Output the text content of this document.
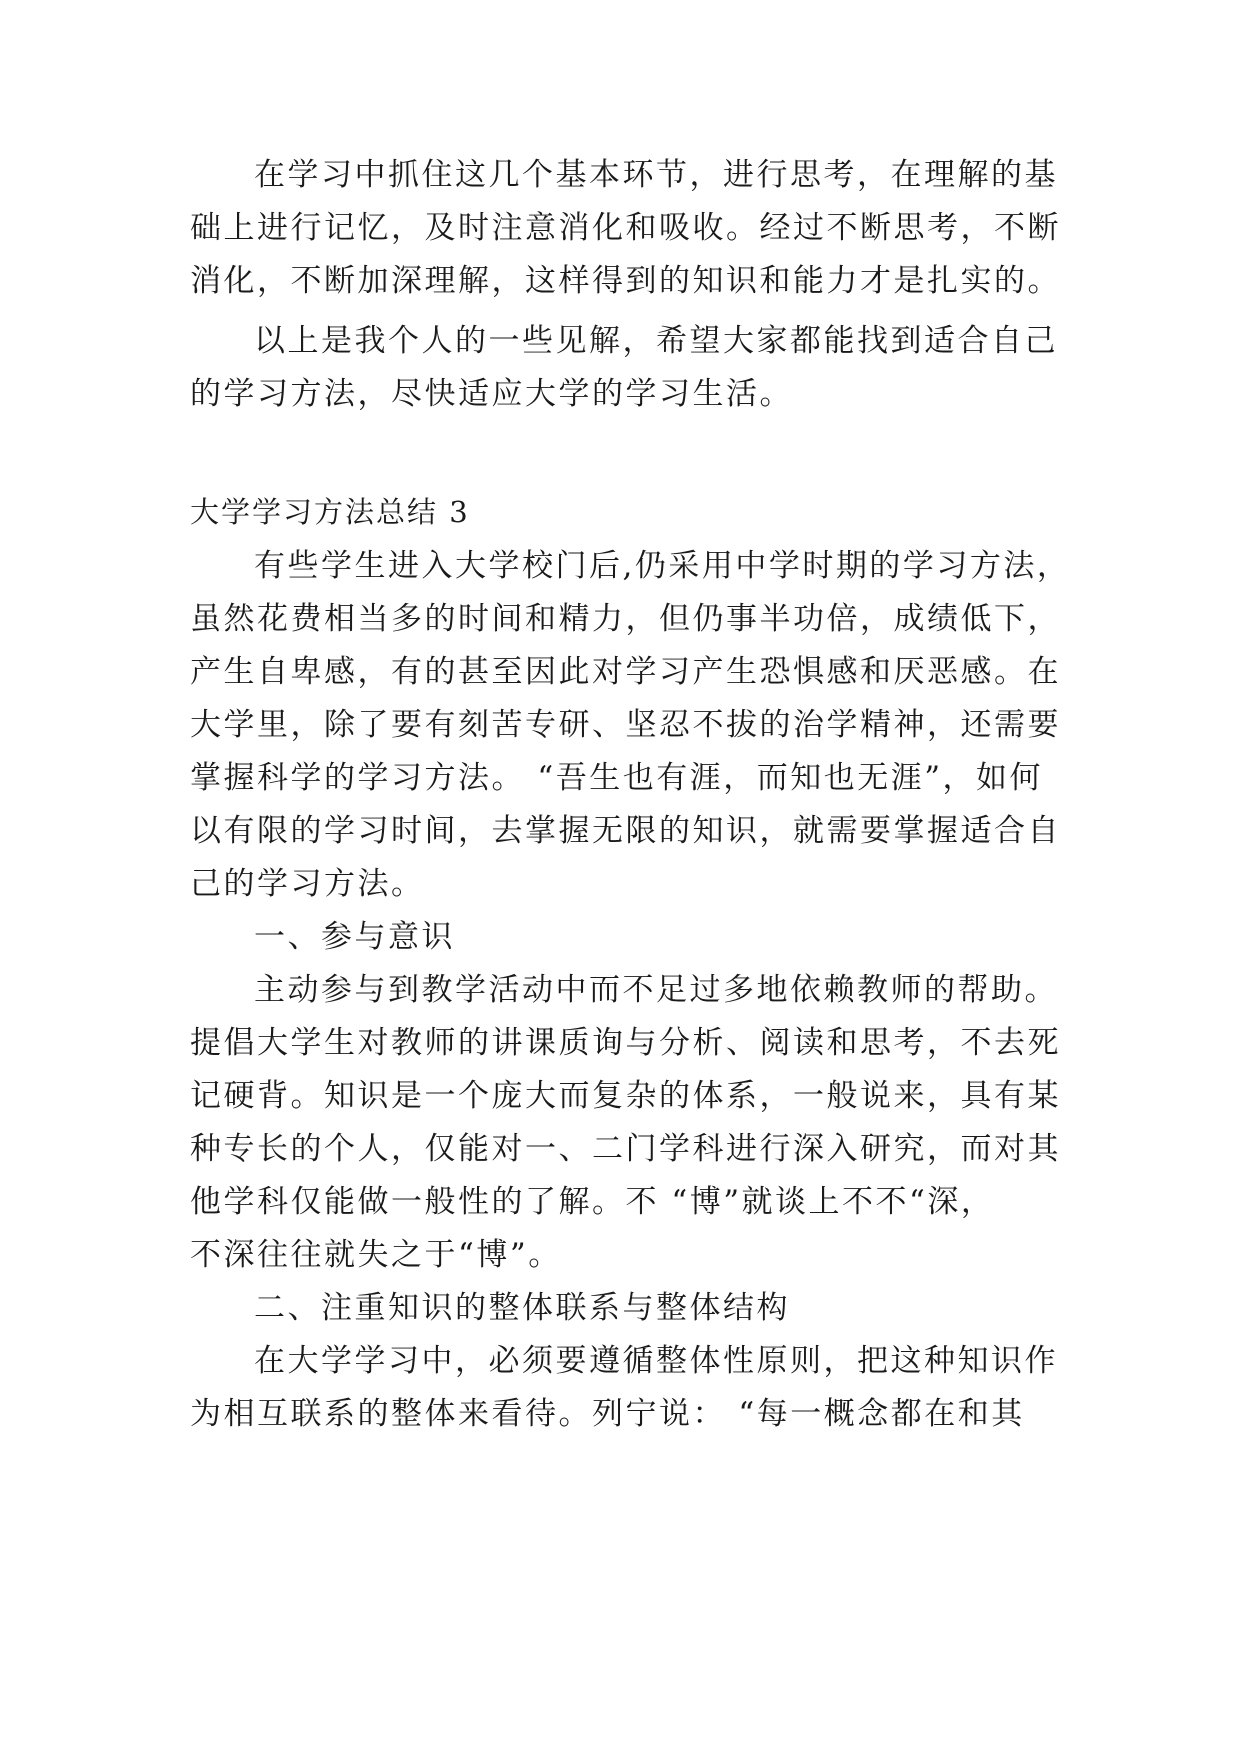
在学习中抓住这几个基本环节，进行思考，在理解的基

础上进行记忆，及时注意消化和吸收。经过不断思考，不断

消化，不断加深理解，这样得到的知识和能力才是扎实的。

以上是我个人的一些见解，希望大家都能找到适合自己

的学习方法，尽快适应大学的学习生活。

大学学习方法总结 3

有些学生进入大学校门后,仍采用中学时期的学习方法，

虽然花费相当多的时间和精力，但仍事半功倍，成绩低下，

产生自卑感，有的甚至因此对学习产生恐惧感和厌恶感。在

大学里，除了要有刻苦专研、坚忍不拔的治学精神，还需要

掌握科学的学习方法。 “吾生也有涯，而知也无涯”，如何

以有限的学习时间，去掌握无限的知识，就需要掌握适合自

己的学习方法。

一、参与意识

主动参与到教学活动中而不足过多地依赖教师的帮助。

提倡大学生对教师的讲课质询与分析、阅读和思考，不去死

记硬背。知识是一个庞大而复杂的体系，一般说来，具有某

种专长的个人，仅能对一、二门学科进行深入研究，而对其

他学科仅能做一般性的了解。不 “博”就谈上不不“深，

不深往往就失之于“博”。

二、注重知识的整体联系与整体结构

在大学学习中，必须要遵循整体性原则，把这种知识作

为相互联系的整体来看待。列宁说： “每一概念都在和其
